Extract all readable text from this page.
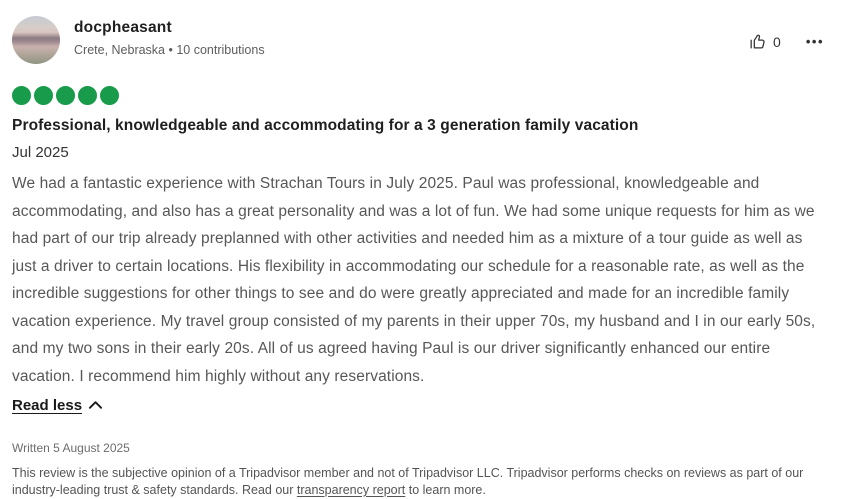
docpheasant
Crete, Nebraska • 10 contributions
0 •••
Professional, knowledgeable and accommodating for a 3 generation family vacation
Jul 2025
We had a fantastic experience with Strachan Tours in July 2025. Paul was professional, knowledgeable and accommodating, and also has a great personality and was a lot of fun. We had some unique requests for him as we had part of our trip already preplanned with other activities and needed him as a mixture of a tour guide as well as just a driver to certain locations. His flexibility in accommodating our schedule for a reasonable rate, as well as the incredible suggestions for other things to see and do were greatly appreciated and made for an incredible family vacation experience. My travel group consisted of my parents in their upper 70s, my husband and I in our early 50s, and my two sons in their early 20s. All of us agreed having Paul is our driver significantly enhanced our entire vacation. I recommend him highly without any reservations.
Read less
Written 5 August 2025
This review is the subjective opinion of a Tripadvisor member and not of Tripadvisor LLC. Tripadvisor performs checks on reviews as part of our industry-leading trust & safety standards. Read our transparency report to learn more.
